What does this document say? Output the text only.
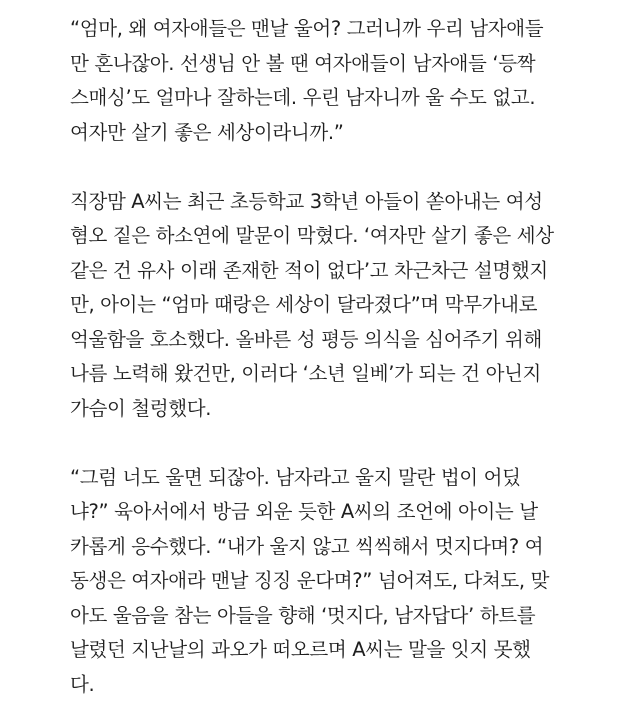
“엄마, 왜 여자애들은 맨날 울어? 그러니까 우리 남자애들
만 혼나잖아. 선생님 안 볼 땐 여자애들이 남자애들 ‘등짝
스매싱’도 얼마나 잘하는데. 우린 남자니까 울 수도 없고.
여자만 살기 좋은 세상이라니까.”
직장맘 A씨는 최근 초등학교 3학년 아들이 쏟아내는 여성
혐오 짙은 하소연에 말문이 막혔다. ‘여자만 살기 좋은 세상
같은 건 유사 이래 존재한 적이 없다’고 차근차근 설명했지
만, 아이는 “엄마 때랑은 세상이 달라졌다”며 막무가내로
억울함을 호소했다. 올바른 성 평등 의식을 심어주기 위해
나름 노력해 왔건만, 이러다 ‘소년 일베’가 되는 건 아닌지
가슴이 철렁했다.
“그럼 너도 울면 되잖아. 남자라고 울지 말란 법이 어딨
냐?” 육아서에서 방금 외운 듯한 A씨의 조언에 아이는 날
카롭게 응수했다. “내가 울지 않고 씩씩해서 멋지다며? 여
동생은 여자애라 맨날 징징 운다며?” 넘어져도, 다쳐도, 맞
아도 울음을 참는 아들을 향해 ‘멋지다, 남자답다’ 하트를
날렸던 지난날의 과오가 떠오르며 A씨는 말을 잇지 못했
다.
